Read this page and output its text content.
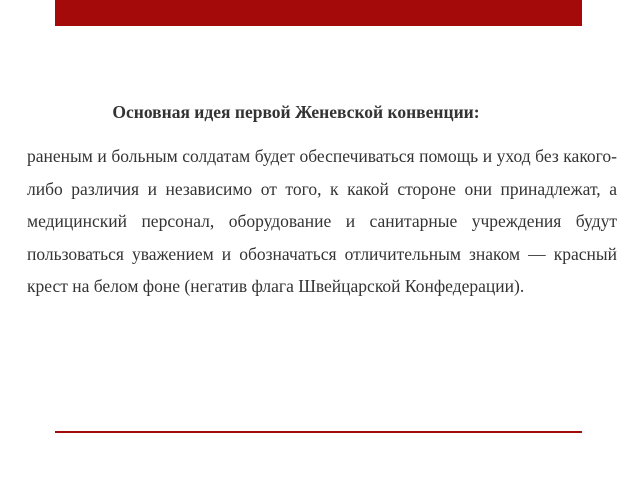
Основная идея первой Женевской конвенции:
раненым и больным солдатам будет обеспечиваться помощь и уход без какого-либо различия и независимо от того, к какой стороне они принадлежат, а медицинский персонал, оборудование и санитарные учреждения будут пользоваться уважением и обозначаться отличительным знаком — красный крест на белом фоне (негатив флага Швейцарской Конфедерации).
